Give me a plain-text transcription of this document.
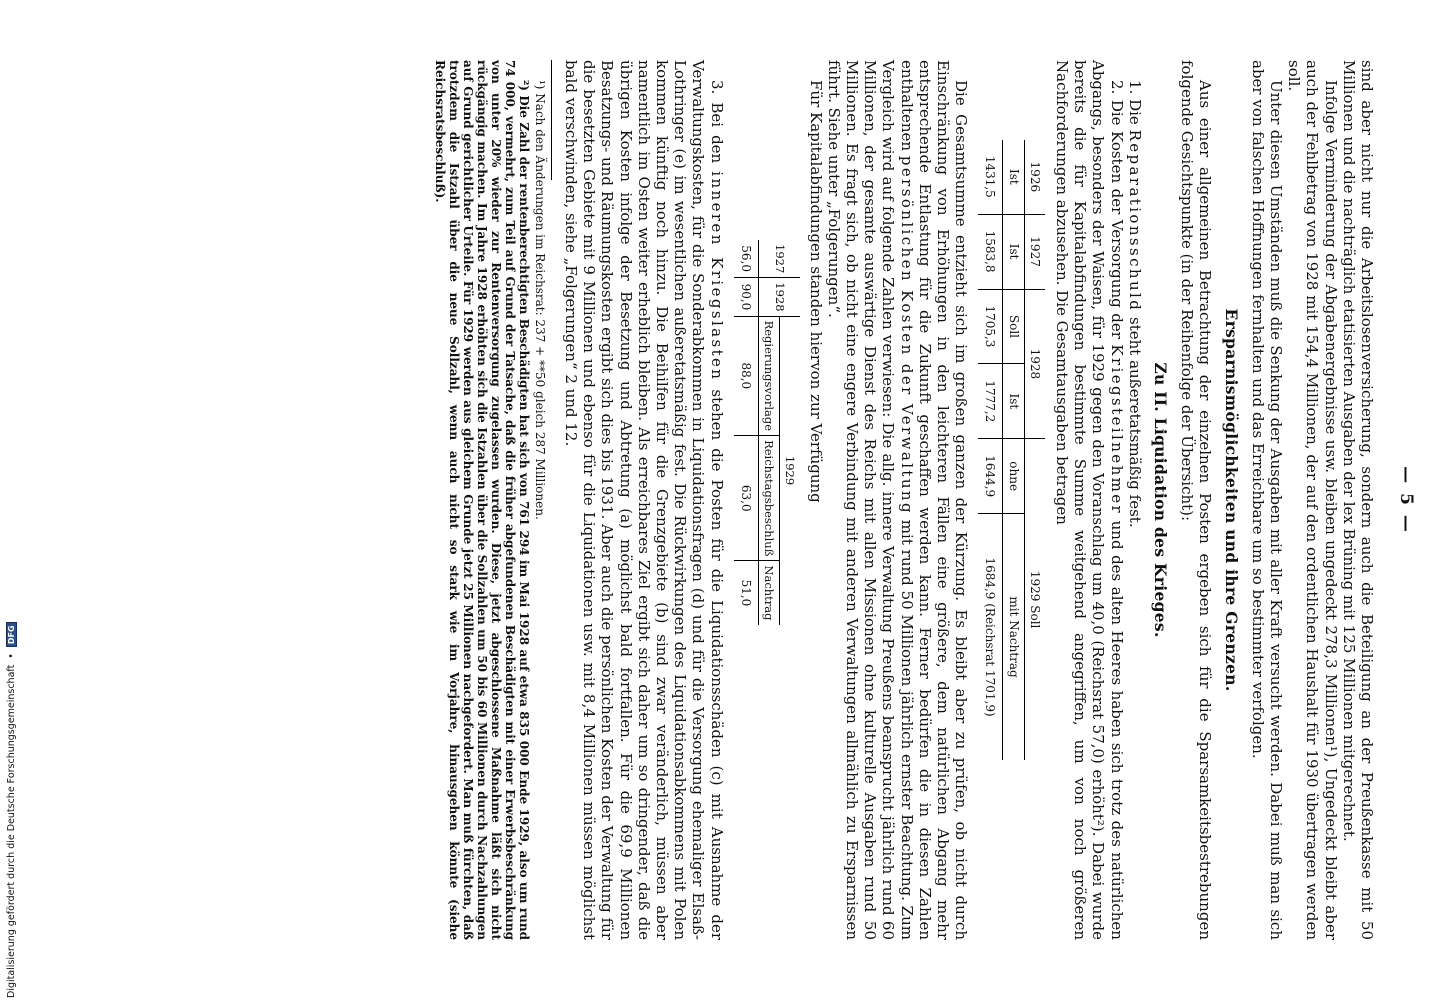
— 5 —

sind aber nicht nur die Arbeitslosenversicherung, sondern auch die Beteiligung an der Preußenkasse mit 50 Millionen und die nachträglich etatisierten Ausgaben der lex Brüning mit 125 Millionen mitgerechnet.

Infolge Verminderung der Abgabenergebnisse usw. bleiben ungedeckt 278,3 Millionen¹), Ungedeckt bleibt aber auch der Fehlbetrag von 1928 mit 154,4 Millionen, der auf den ordentlichen Haushalt für 1930 übertragen werden soll.

Unter diesen Umständen muß die Senkung der Ausgaben mit aller Kraft versucht werden. Dabei muß man sich aber von falschen Hoffnungen fernhalten und das Erreichbare um so bestimmter verfolgen.

Ersparnismöglichkeiten und ihre Grenzen.

Aus einer allgemeinen Betrachtung der einzelnen Posten ergeben sich für die Sparsamkeitsbestrebungen folgende Gesichtspunkte (in der Reihenfolge der Übersicht):

Zu II. Liquidation des Krieges.

1. Die Reparationsschuld steht außeretatsmäßig fest.

2. Die Kosten der Versorgung der Kriegsteilnehmer und des alten Heeres haben sich trotz des natürlichen Abgangs, besonders der Waisen, für 1929 gegen den Voranschlag um 40,0 (Reichsrat 57,0) erhöht²). Dabei wurde bereits die für Kapitalabfindungen bestimmte Summe weitgehend angegriffen, um von noch größeren Nachforderungen abzusehen. Die Gesamtausgaben betragen

1926	1927	1928		1929 Soll	
Ist	Ist	Soll	Ist	ohne	mit Nachtrag
1431,5	1583,8	1705,3	1777,2	1644,9	1684,9 (Reichsrat 1701,9)

Die Gesamtsumme entzieht sich im großen ganzen der Kürzung. Es bleibt aber zu prüfen, ob nicht durch Einschränkung von Erhöhungen in den leichteren Fällen eine größere, dem natürlichen Abgang mehr entsprechende Entlastung für die Zukunft geschaffen werden kann. Ferner bedürfen die in diesen Zahlen enthaltenen persönlichen Kosten der Verwaltung mit rund 50 Millionen jährlich ernster Beachtung. Zum Vergleich wird auf folgende Zahlen verwiesen: Die allg. innere Verwaltung Preußens beansprucht jährlich rund 60 Millionen, der gesamte auswärtige Dienst des Reichs mit allen Missionen ohne kulturelle Ausgaben rund 50 Millionen. Es fragt sich, ob nicht eine engere Verbindung mit anderen Verwaltungen allmählich zu Ersparnissen führt. Siehe unter „Folgerungen“.

Für Kapitalabfindungen standen hiervon zur Verfügung

1927	1928	1929		
		Regierungsvorlage	Reichstagsbeschluß	Nachtrag
56,0	90,0	88,0	63,0	51,0

3. Bei den inneren Kriegslasten stehen die Posten für die Liquidationsschäden (c) mit Ausnahme der Verwaltungskosten, für die Sonderabkommen in Liquidationsfragen (d) und für die Versorgung ehemaliger Elsaß-Lothringer (e) im wesentlichen außeretatsmäßig fest. Die Rückwirkungen des Liquidationsabkommens mit Polen kommen künftig noch hinzu. Die Beihilfen für die Grenzgebiete (b) sind zwar veränderlich, müssen aber namentlich im Osten weiter erheblich bleiben. Als erreichbares Ziel ergibt sich daher um so dringender, daß die übrigen Kosten infolge der Besetzung und Abtretung (a) möglichst bald fortfallen. Für die 69,9 Millionen Besatzungs- und Räumungskosten ergibt sich dies bis 1931. Aber auch die persönlichen Kosten der Verwaltung für die besetzten Gebiete mit 9 Millionen und ebenso für die Liquidationen usw. mit 8,4 Millionen müssen möglichst bald verschwinden, siehe „Folgerungen“ 2 und 12.

¹) Nach den Änderungen im Reichsrat: 237 + **50 gleich 287 Millionen.

²) Die Zahl der rentenberechtigten Beschädigten hat sich von 761 294 im Mai 1928 auf etwa 835 000 Ende 1929, also um rund 74 000, vermehrt, zum Teil auf Grund der Tatsache, daß die früher abgefundenen Beschädigten mit einer Erwerbsbeschränkung von unter 20% wieder zur Rentenversorgung zugelassen wurden. Diese, jetzt abgeschlossene Maßnahme läßt sich nicht rückgängig machen. Im Jahre 1928 erhöhten sich die Istzahlen über die Sollzahlen um 50 bis 60 Millionen durch Nachzahlungen auf Grund gerichtlicher Urteile. Für 1929 werden aus gleichem Grunde jetzt 25 Millionen nachgefordert. Man muß fürchten, daß trotzdem die Istzahl über die neue Sollzahl, wenn auch nicht so stark wie im Vorjahre, hinausgehen könnte (siehe Reichsratsbeschluß).

Digitalisierung gefördert durch die Deutsche Forschungsgemeinschaft
•
DFG
